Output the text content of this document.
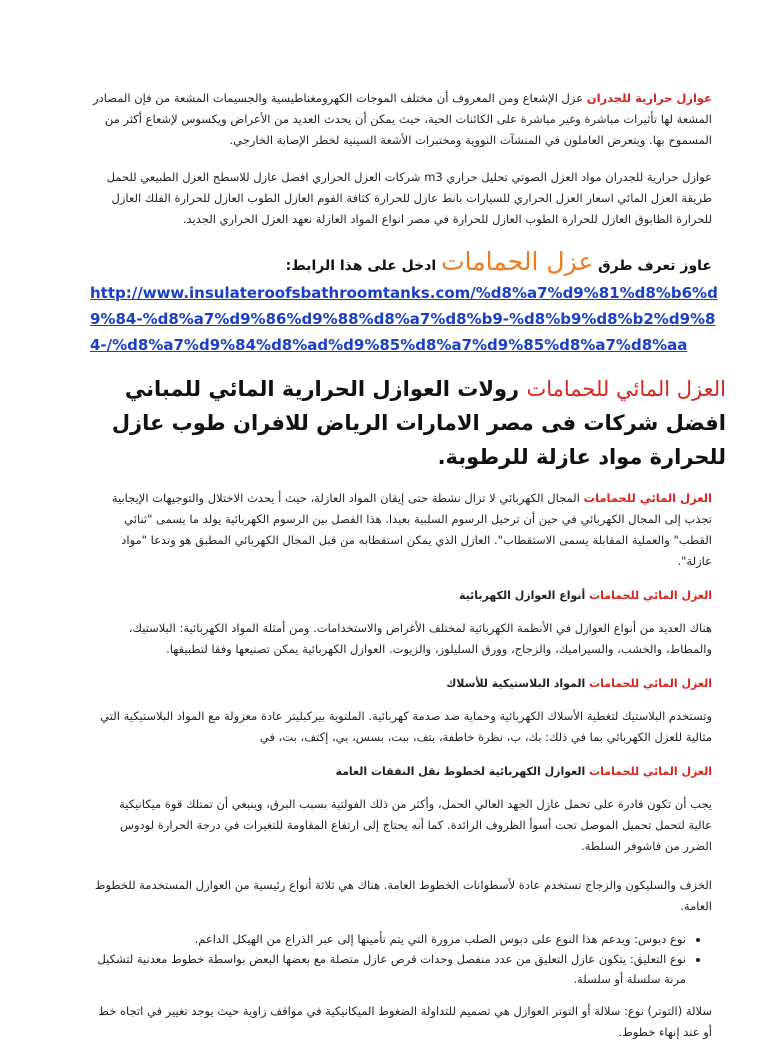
عوازل حرارية للجدران عزل الإشعاع ومن المعروف أن مختلف الموجات الكهرومغناطيسية والجسيمات المشعة من فإن المصادر المشعة لها تأثيرات مباشرة وغير مباشرة على الكائنات الحية، حيث يمكن أن يحدث العديد من الأعراض ويكسوس لإشعاع أكثر من المسموح بها. ويتعرض العاملون في المنشآت النووية ومختبرات الأشعة السينية لخطر الإصابة الخارجي.

عوازل حرارية للجدران مواد العزل الصوتي تحليل حراري m3 شركات العزل الحراري افضل عازل للاسطح العزل الطبيعي للحمل طريقة العزل المائي اسعار العزل الحراري للسيارات بانط عازل للحرارة كثافة الفوم العازل الطوب العازل للحرارة الفلك العازل للحرارة الطابوق العازل للحرارة الطوب العازل للحرارة في مصر انواع المواد العازلة نعهد العزل الحراري الجديد.

عاوز تعرف طرق عزل الحمامات ادخل على هذا الرابط:

http://www.insulateroofsbathroomtanks.com/%d8%a7%d9%81%d8%b6%d9%84-%d8%a7%d9%86%d9%88%d8%a7%d8%b9-%d8%b9%d8%b2%d9%84-/%d8%a7%d9%84%d8%ad%d9%85%d8%a7%d9%85%d8%a7%d8%aa

العزل المائي للحمامات رولات العوازل الحرارية المائي للمباني افضل شركات فى مصر الامارات الرياض للافران طوب عازل للحرارة مواد عازلة للرطوبة.

العزل المائي للحمامات المجال الكهربائي لا تزال نشطة حتى إيقان المواد العازلة، حيث أ يحدث الاختلال والتوجيهات الإيجابية تجذب إلى المجال الكهربائي في حين أن ترحيل الرسوم السلبية بعيدا. هذا الفصل بين الرسوم الكهربائية يولد ما يسمى "ثنائي القطب" والعملية المقابلة يسمى الاستقطاب". العازل الذي يمكن استقطابه من قبل المجال الكهربائي المطبق هو وتدعا "مواد عازلة".

العزل المائي للحمامات أنواع العوازل الكهربائية

هناك العديد من أنواع العوازل في الأنظمة الكهربائية لمختلف الأغراض والاستخدامات. ومن أمثلة المواد الكهربائية: البلاستيك، والمطاط، والخشب، والسيراميك، والزجاج، وورق السليلوز، والزيوت. العوازل الكهربائية يمكن تصنيعها وفقا لتطبيقها.

العزل المائي للحمامات المواد البلاستيكية للأسلاك

وتستخدم البلاستيك لتغطية الأسلاك الكهربائية وحماية ضد صدمة كهربائية. الملتوية بيركبليتر عادة معزولة مع المواد البلاستيكية التي مثالية للعزل الكهربائي بما في ذلك: بك، ب، نظرة خاطفة، بتف، ببت، بسس، بي، إكتف، بت، في

العزل المائي للحمامات العوازل الكهربائية لخطوط نقل النفقات العامة

يجب أن تكون قادرة على تحمل عازل الجهد العالي الحمل، وأكثر من ذلك الفولتية بسبب البرق، وينبغي أن تمتلك قوة ميكانيكية عالية لتحمل تحميل الموصل تحت أسوأ الظروف الرائدة. كما أنه يحتاج إلى ارتفاع المقاومة للتغيرات في درجة الحرارة لودوس الضرر من فاشوفر السلطة.

الخزف والسليكون والزجاج تستخدم عادة لأسطوانات الخطوط العامة. هناك هي ثلاثة أنواع رئيسية من العوازل المستخدمة للخطوط العامة.

• نوع دبوس: ويدعم هذا النوع على دبوس الصلب مزورة التي يتم تأمينها إلى عبر الذراع من الهيكل الداعم.
• نوع التعليق: يتكون عازل التعليق من عدد منفصل وحدات قرص عازل متصلة مع بعضها البعض بواسطة خطوط معدنية لتشكيل مرنة سلسلة أو سلسلة.

سلالة (التوتر) نوع: سلالة أو التوتر العوازل هي تصميم للتداولة الضغوط الميكانيكية في مواقف زاوية حيث يوجد تغيير في اتجاه خط أو عند إنهاء خطوط.
